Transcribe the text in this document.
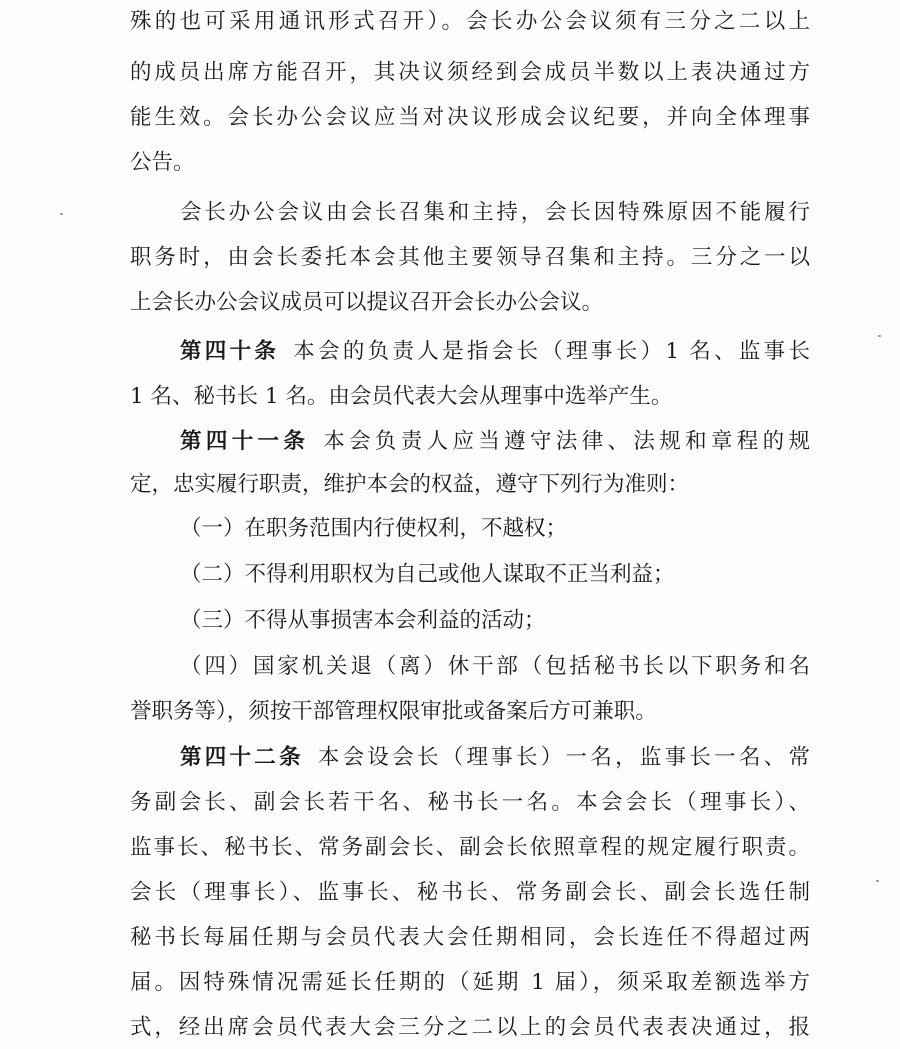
殊的也可采用通讯形式召开）。会长办公会议须有三分之二以上
的成员出席方能召开，其决议须经到会成员半数以上表决通过方
能生效。会长办公会议应当对决议形成会议纪要，并向全体理事
公告。
会长办公会议由会长召集和主持，会长因特殊原因不能履行
职务时，由会长委托本会其他主要领导召集和主持。三分之一以
上会长办公会议成员可以提议召开会长办公会议。
第四十条 本会的负责人是指会长（理事长）1 名、监事长
1 名、秘书长 1 名。由会员代表大会从理事中选举产生。
第四十一条 本会负责人应当遵守法律、法规和章程的规
定，忠实履行职责，维护本会的权益，遵守下列行为准则：
（一）在职务范围内行使权利，不越权；
（二）不得利用职权为自己或他人谋取不正当利益；
（三）不得从事损害本会利益的活动；
（四）国家机关退（离）休干部（包括秘书长以下职务和名
誉职务等），须按干部管理权限审批或备案后方可兼职。
第四十二条 本会设会长（理事长）一名，监事长一名、常
务副会长、副会长若干名、秘书长一名。本会会长（理事长）、
监事长、秘书长、常务副会长、副会长依照章程的规定履行职责。
会长（理事长）、监事长、秘书长、常务副会长、副会长选任制
秘书长每届任期与会员代表大会任期相同，会长连任不得超过两
届。因特殊情况需延长任期的（延期 1 届），须采取差额选举方
式，经出席会员代表大会三分之二以上的会员代表表决通过，报
